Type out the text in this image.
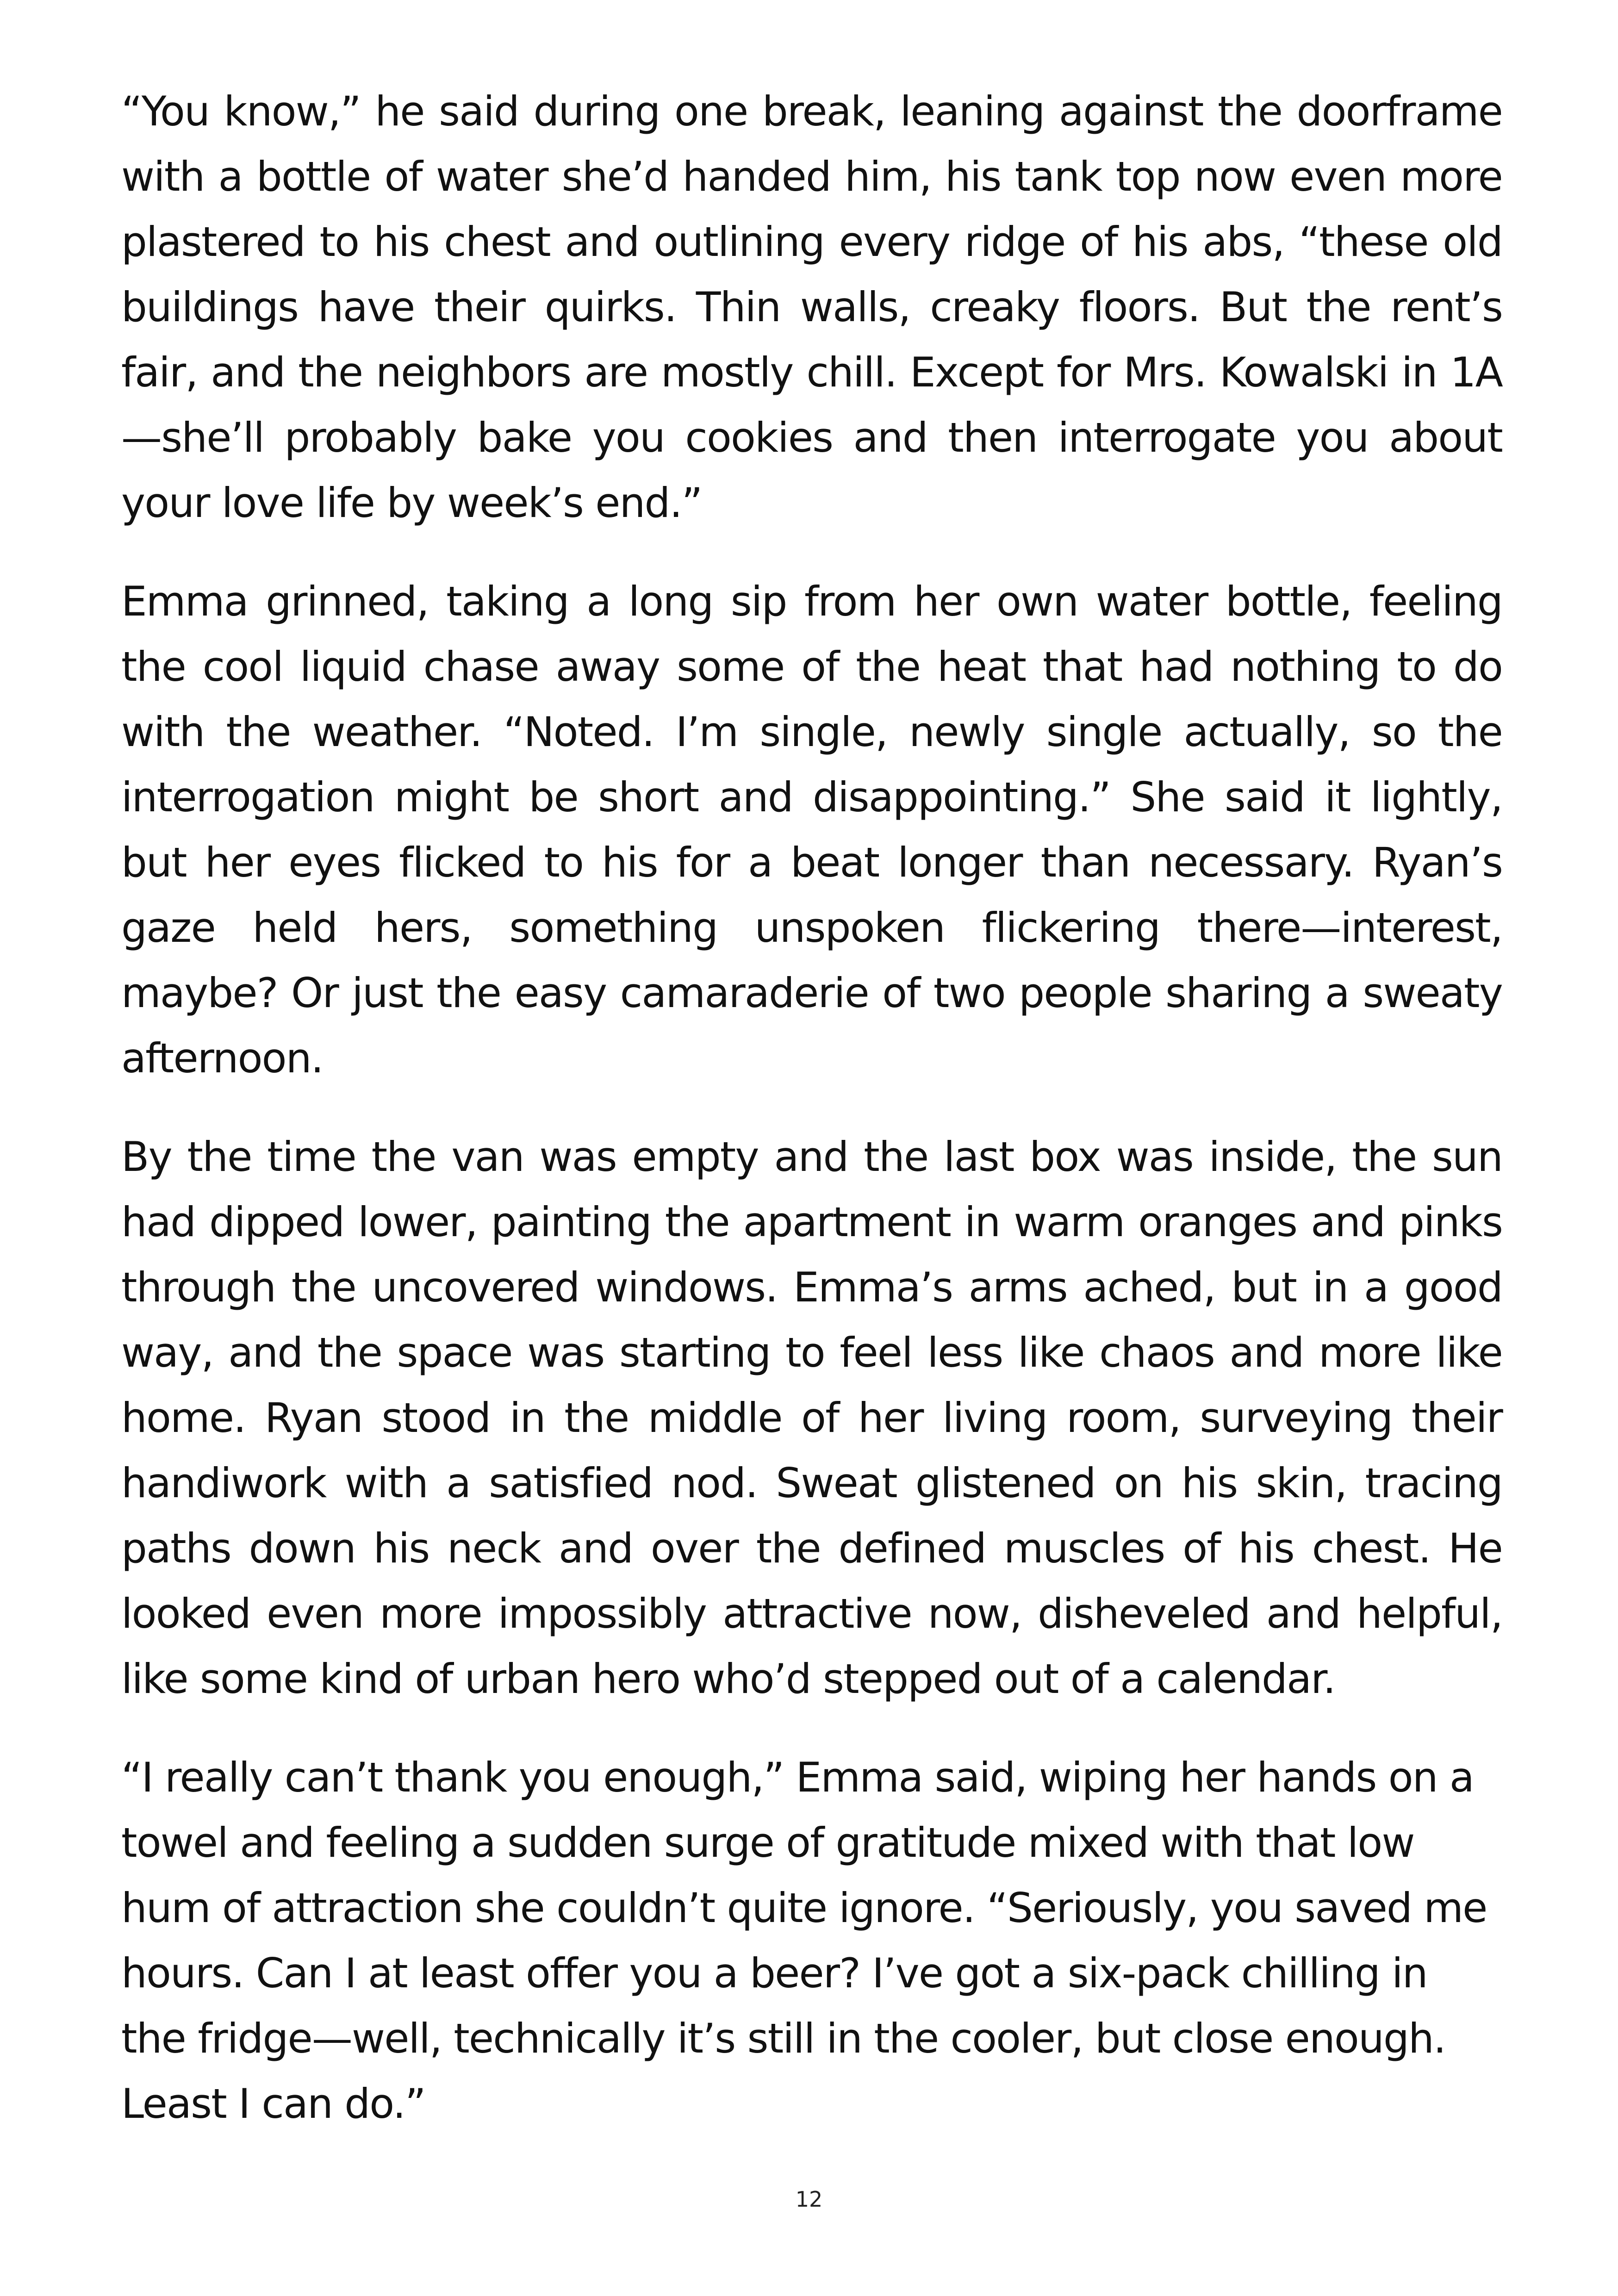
“You know,” he said during one break, leaning against the doorframe with a bottle of water she’d handed him, his tank top now even more plastered to his chest and outlining every ridge of his abs, “these old buildings have their quirks. Thin walls, creaky floors. But the rent’s fair, and the neighbors are mostly chill. Except for Mrs. Kowalski in 1A—she’ll probably bake you cookies and then interrogate you about your love life by week’s end.”

Emma grinned, taking a long sip from her own water bottle, feeling the cool liquid chase away some of the heat that had nothing to do with the weather. “Noted. I’m single, newly single actually, so the interrogation might be short and disappointing.” She said it lightly, but her eyes flicked to his for a beat longer than necessary. Ryan’s gaze held hers, something unspoken flickering there—interest, maybe? Or just the easy camaraderie of two people sharing a sweaty afternoon.

By the time the van was empty and the last box was inside, the sun had dipped lower, painting the apartment in warm oranges and pinks through the uncovered windows. Emma’s arms ached, but in a good way, and the space was starting to feel less like chaos and more like home. Ryan stood in the middle of her living room, surveying their handiwork with a satisfied nod. Sweat glistened on his skin, tracing paths down his neck and over the defined muscles of his chest. He looked even more impossibly attractive now, disheveled and helpful, like some kind of urban hero who’d stepped out of a calendar.

“I really can’t thank you enough,” Emma said, wiping her hands on a towel and feeling a sudden surge of gratitude mixed with that low hum of attraction she couldn’t quite ignore. “Seriously, you saved me hours. Can I at least offer you a beer? I’ve got a six-pack chilling in the fridge—well, technically it’s still in the cooler, but close enough. Least I can do.”

12
